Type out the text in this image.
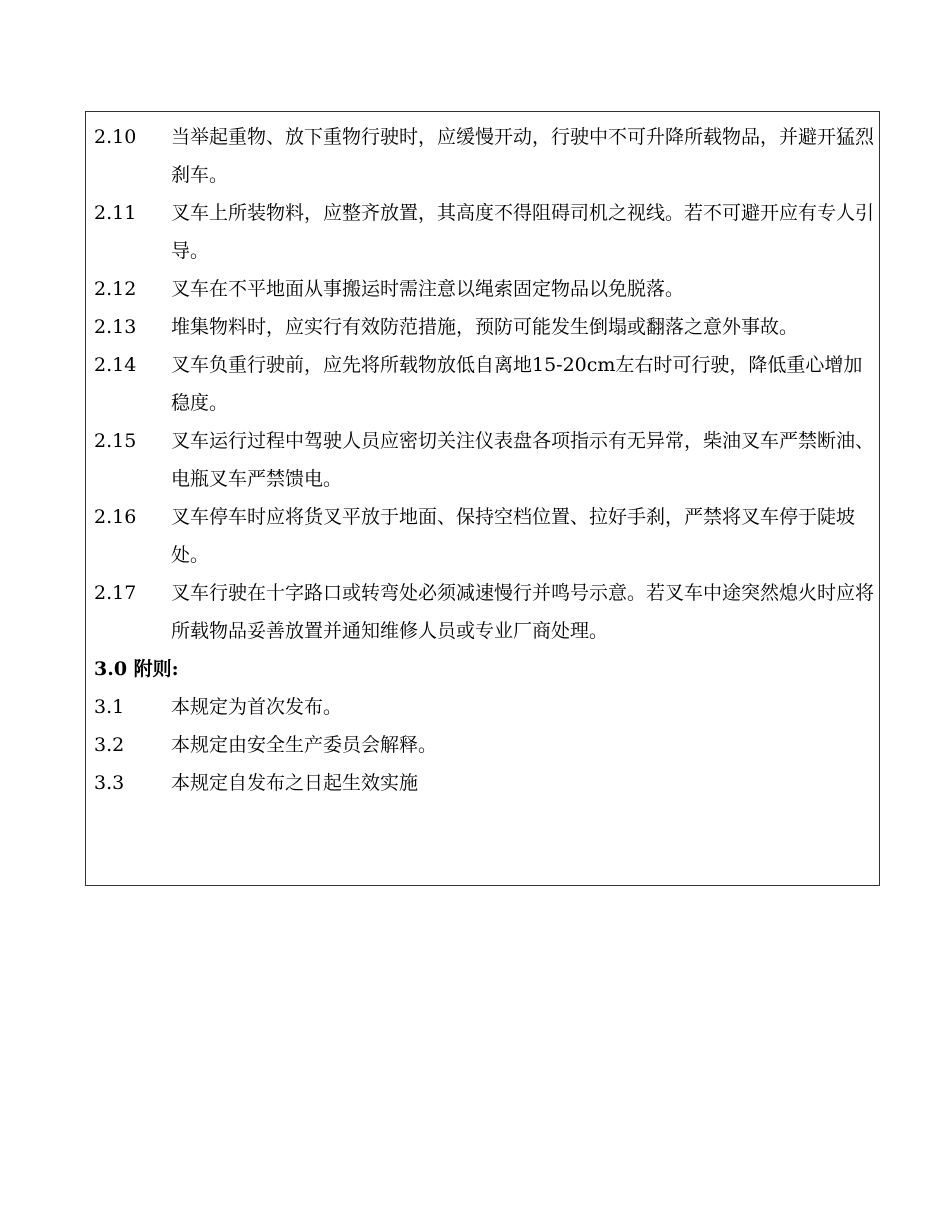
2.10	当举起重物、放下重物行驶时，应缓慢开动，行驶中不可升降所载物品，并避开猛烈刹车。
2.11	叉车上所装物料，应整齐放置，其高度不得阻碍司机之视线。若不可避开应有专人引导。
2.12	叉车在不平地面从事搬运时需注意以绳索固定物品以免脱落。
2.13	堆集物料时，应实行有效防范措施，预防可能发生倒塌或翻落之意外事故。
2.14	叉车负重行驶前，应先将所载物放低自离地15-20cm左右时可行驶，降低重心增加稳度。
2.15	叉车运行过程中驾驶人员应密切关注仪表盘各项指示有无异常，柴油叉车严禁断油、电瓶叉车严禁馈电。
2.16	叉车停车时应将货叉平放于地面、保持空档位置、拉好手刹，严禁将叉车停于陡坡处。
2.17	叉车行驶在十字路口或转弯处必须减速慢行并鸣号示意。若叉车中途突然熄火时应将所载物品妥善放置并通知维修人员或专业厂商处理。
3.0 附则:
3.1	本规定为首次发布。
3.2	本规定由安全生产委员会解释。
3.3	本规定自发布之日起生效实施
